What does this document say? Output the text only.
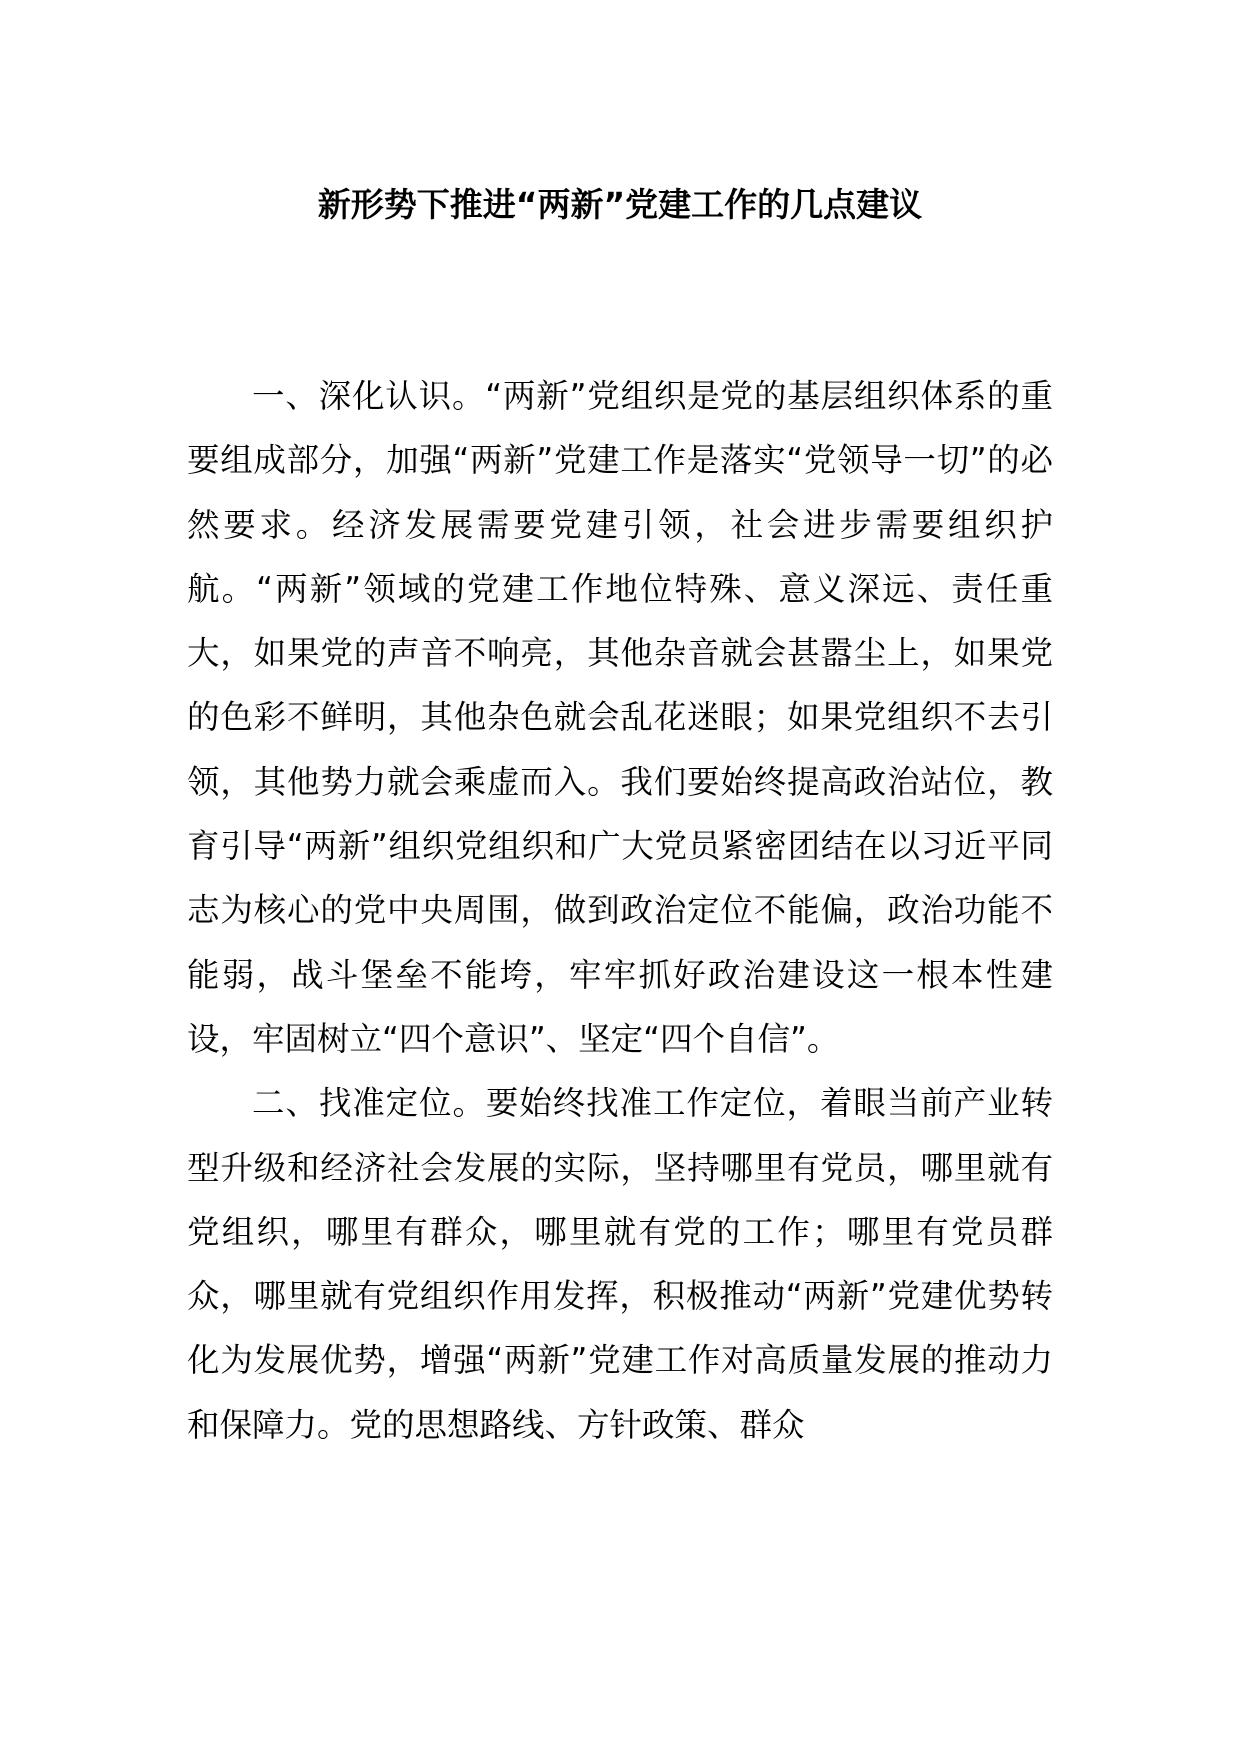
新形势下推进“两新”党建工作的几点建议

一、深化认识。“两新”党组织是党的基层组织体系的重要组成部分，加强“两新”党建工作是落实“党领导一切”的必然要求。经济发展需要党建引领，社会进步需要组织护航。“两新”领域的党建工作地位特殊、意义深远、责任重大，如果党的声音不响亮，其他杂音就会甚嚣尘上，如果党的色彩不鲜明，其他杂色就会乱花迷眼；如果党组织不去引领，其他势力就会乘虚而入。我们要始终提高政治站位，教育引导“两新”组织党组织和广大党员紧密团结在以习近平同志为核心的党中央周围，做到政治定位不能偏，政治功能不能弱，战斗堡垒不能垮，牢牢抓好政治建设这一根本性建设，牢固树立“四个意识”、坚定“四个自信”。

二、找准定位。要始终找准工作定位，着眼当前产业转型升级和经济社会发展的实际，坚持哪里有党员，哪里就有党组织，哪里有群众，哪里就有党的工作；哪里有党员群众，哪里就有党组织作用发挥，积极推动“两新”党建优势转化为发展优势，增强“两新”党建工作对高质量发展的推动力和保障力。党的思想路线、方针政策、群众
